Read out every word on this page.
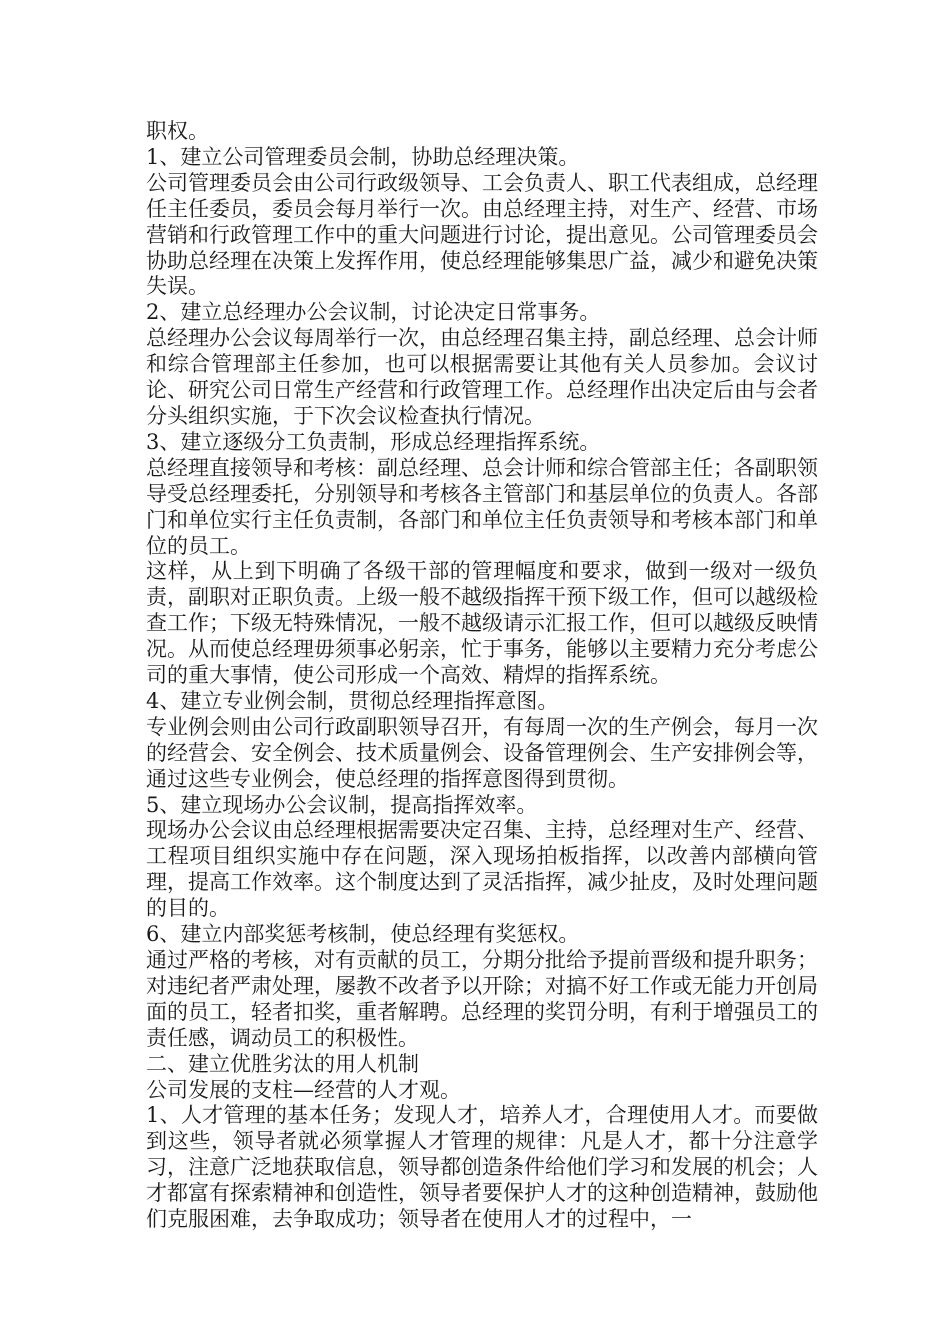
职权。

1、建立公司管理委员会制，协助总经理决策。

公司管理委员会由公司行政级领导、工会负责人、职工代表组成，总经理任主任委员，委员会每月举行一次。由总经理主持，对生产、经营、市场营销和行政管理工作中的重大问题进行讨论，提出意见。公司管理委员会协助总经理在决策上发挥作用，使总经理能够集思广益，减少和避免决策失误。

2、建立总经理办公会议制，讨论决定日常事务。

总经理办公会议每周举行一次，由总经理召集主持，副总经理、总会计师和综合管理部主任参加，也可以根据需要让其他有关人员参加。会议讨论、研究公司日常生产经营和行政管理工作。总经理作出决定后由与会者分头组织实施，于下次会议检查执行情况。

3、建立逐级分工负责制，形成总经理指挥系统。

总经理直接领导和考核：副总经理、总会计师和综合管部主任；各副职领导受总经理委托，分别领导和考核各主管部门和基层单位的负责人。各部门和单位实行主任负责制，各部门和单位主任负责领导和考核本部门和单位的员工。

这样，从上到下明确了各级干部的管理幅度和要求，做到一级对一级负责，副职对正职负责。上级一般不越级指挥干预下级工作，但可以越级检查工作；下级无特殊情况，一般不越级请示汇报工作，但可以越级反映情况。从而使总经理毋须事必躬亲，忙于事务，能够以主要精力充分考虑公司的重大事情，使公司形成一个高效、精焊的指挥系统。

4、建立专业例会制，贯彻总经理指挥意图。

专业例会则由公司行政副职领导召开，有每周一次的生产例会，每月一次的经营会、安全例会、技术质量例会、设备管理例会、生产安排例会等，通过这些专业例会，使总经理的指挥意图得到贯彻。

5、建立现场办公会议制，提高指挥效率。

现场办公会议由总经理根据需要决定召集、主持，总经理对生产、经营、工程项目组织实施中存在问题，深入现场拍板指挥，以改善内部横向管理，提高工作效率。这个制度达到了灵活指挥，减少扯皮，及时处理问题的目的。

6、建立内部奖惩考核制，使总经理有奖惩权。

通过严格的考核，对有贡献的员工，分期分批给予提前晋级和提升职务；对违纪者严肃处理，屡教不改者予以开除；对搞不好工作或无能力开创局面的员工，轻者扣奖，重者解聘。总经理的奖罚分明，有利于增强员工的责任感，调动员工的积极性。

二、建立优胜劣汰的用人机制

公司发展的支柱—经营的人才观。

1、人才管理的基本任务；发现人才，培养人才，合理使用人才。而要做到这些，领导者就必须掌握人才管理的规律：凡是人才，都十分注意学习，注意广泛地获取信息，领导都创造条件给他们学习和发展的机会；人才都富有探索精神和创造性，领导者要保护人才的这种创造精神，鼓励他们克服困难，去争取成功；领导者在使用人才的过程中，一
